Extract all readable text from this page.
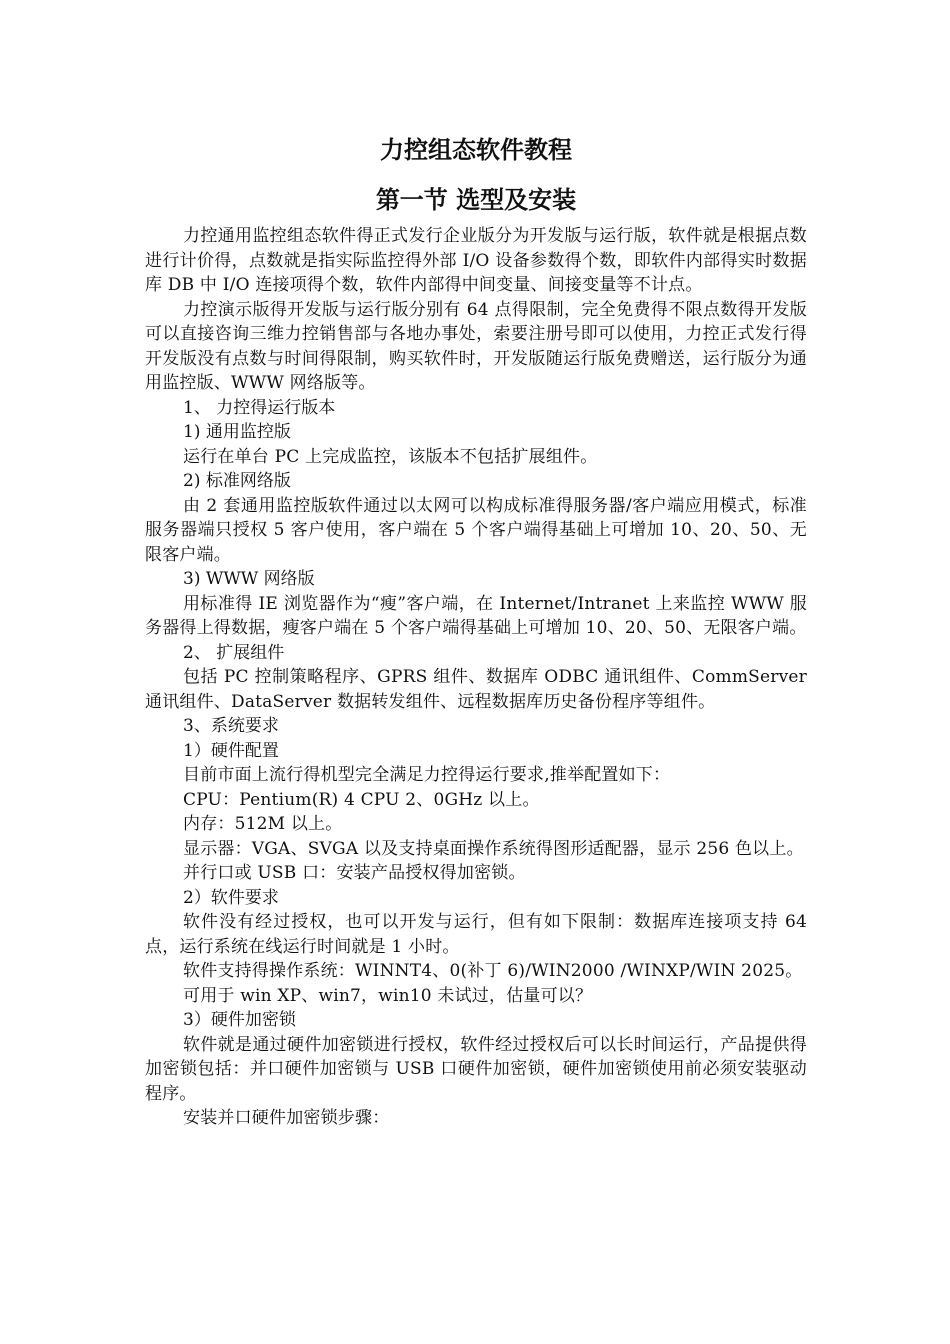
力控组态软件教程
第一节 选型及安装

力控通用监控组态软件得正式发行企业版分为开发版与运行版，软件就是根据点数进行计价得，点数就是指实际监控得外部 I/O 设备参数得个数，即软件内部得实时数据库 DB 中 I/O 连接项得个数，软件内部得中间变量、间接变量等不计点。

力控演示版得开发版与运行版分别有 64 点得限制，完全免费得不限点数得开发版可以直接咨询三维力控销售部与各地办事处，索要注册号即可以使用，力控正式发行得开发版没有点数与时间得限制，购买软件时，开发版随运行版免费赠送，运行版分为通用监控版、WWW 网络版等。

1、 力控得运行版本

1) 通用监控版

运行在单台 PC 上完成监控，该版本不包括扩展组件。

2) 标准网络版

由 2 套通用监控版软件通过以太网可以构成标准得服务器/客户端应用模式，标准服务器端只授权 5 客户使用，客户端在 5 个客户端得基础上可增加 10、20、50、无限客户端。

3) WWW 网络版

用标准得 IE 浏览器作为“瘦”客户端，在 Internet/Intranet 上来监控 WWW 服务器得上得数据，瘦客户端在 5 个客户端得基础上可增加 10、20、50、无限客户端。

2、 扩展组件

包括 PC 控制策略程序、GPRS 组件、数据库 ODBC 通讯组件、CommServer 通讯组件、DataServer 数据转发组件、远程数据库历史备份程序等组件。

3、系统要求

1）硬件配置

目前市面上流行得机型完全满足力控得运行要求,推举配置如下：

CPU：Pentium(R) 4 CPU 2、0GHz 以上。

内存：512M 以上。

显示器：VGA、SVGA 以及支持桌面操作系统得图形适配器，显示 256 色以上。

并行口或 USB 口：安装产品授权得加密锁。

2）软件要求

软件没有经过授权，也可以开发与运行，但有如下限制：数据库连接项支持 64 点，运行系统在线运行时间就是 1 小时。

软件支持得操作系统：WINNT4、0(补丁 6)/WIN2000 /WINXP/WIN 2025。

可用于 win XP、win7，win10 未试过，估量可以？

3）硬件加密锁

软件就是通过硬件加密锁进行授权，软件经过授权后可以长时间运行，产品提供得加密锁包括：并口硬件加密锁与 USB 口硬件加密锁，硬件加密锁使用前必须安装驱动程序。

安装并口硬件加密锁步骤：
